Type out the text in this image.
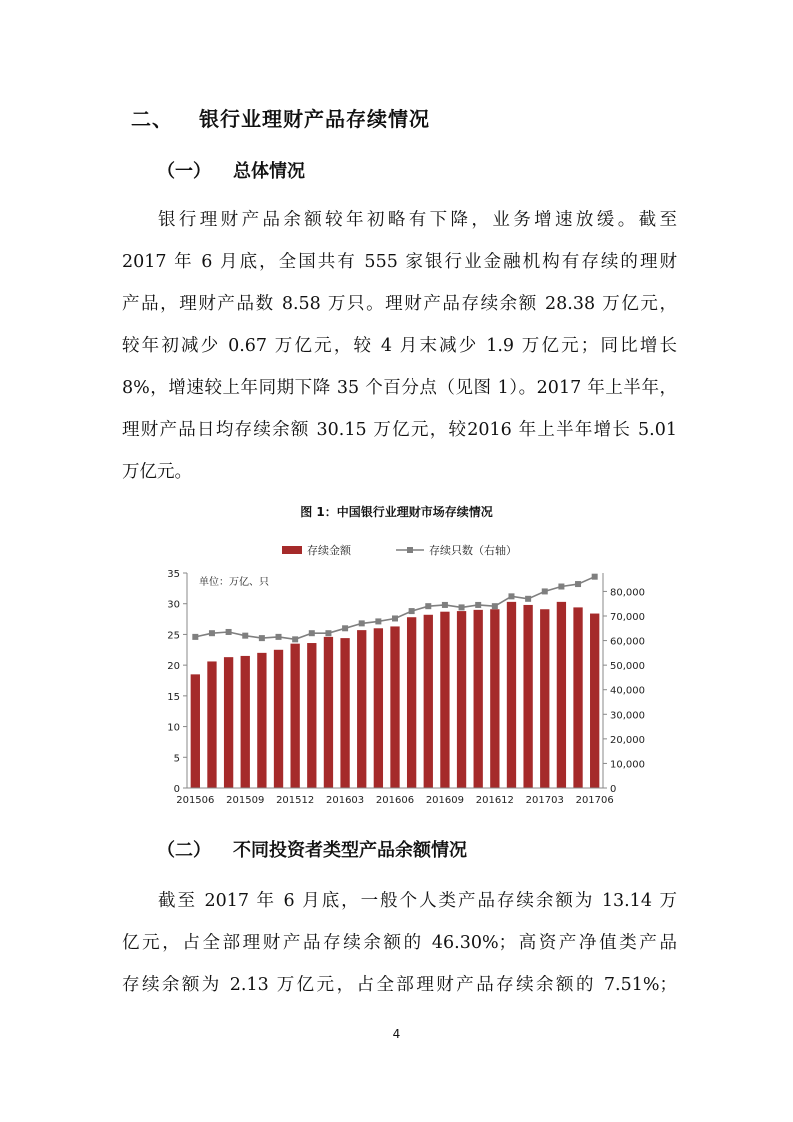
二、 银行业理财产品存续情况
（一） 总体情况
银行理财产品余额较年初略有下降，业务增速放缓。截至
2017 年 6 月底，全国共有 555 家银行业金融机构有存续的理财
产品，理财产品数 8.58 万只。理财产品存续余额 28.38 万亿元，
较年初减少 0.67 万亿元，较 4 月末减少 1.9 万亿元；同比增长
8%，增速较上年同期下降 35 个百分点（见图 1）。2017 年上半年，
理财产品日均存续余额 30.15 万亿元，较2016 年上半年增长 5.01
万亿元。
图 1：中国银行业理财市场存续情况
0
5
10
15
20
25
30
35
0
10,000
20,000
30,000
40,000
50,000
60,000
70,000
80,000
201506 201509 201512 201603 201606 201609 201612 201703 201706
单位：万亿、只
存续金额	存续只数（右轴）
（二） 不同投资者类型产品余额情况
截至 2017 年 6 月底，一般个人类产品存续余额为 13.14 万
亿元，占全部理财产品存续余额的 46.30%；高资产净值类产品
存续余额为 2.13 万亿元，占全部理财产品存续余额的 7.51%；
4
